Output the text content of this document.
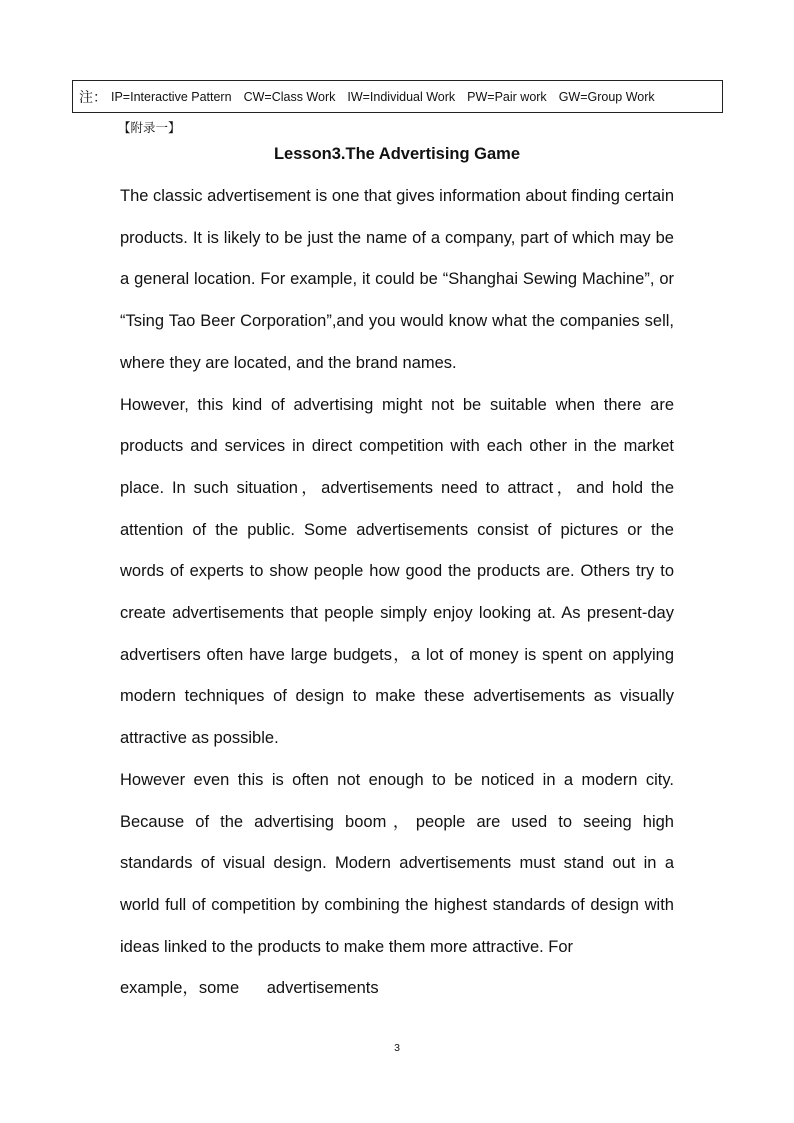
注： IP=Interactive Pattern CW=Class Work IW=Individual Work PW=Pair work GW=Group Work
【附录一】
Lesson3.The Advertising Game

The classic advertisement is one that gives information about finding certain products. It is likely to be just the name of a company, part of which may be a general location. For example, it could be “Shanghai Sewing Machine”, or “Tsing Tao Beer Corporation”,and you would know what the companies sell, where they are located, and the brand names.

However, this kind of advertising might not be suitable when there are products and services in direct competition with each other in the market place. In such situation，advertisements need to attract，and hold the attention of the public. Some advertisements consist of pictures or the words of experts to show people how good the products are. Others try to create advertisements that people simply enjoy looking at. As present-day advertisers often have large budgets，a lot of money is spent on applying modern techniques of design to make these advertisements as visually attractive as possible.

However even this is often not enough to be noticed in a modern city. Because of the advertising boom，people are used to seeing high standards of visual design. Modern advertisements must stand out in a world full of competition by combining the highest standards of design with ideas linked to the products to make them more attractive. For

example，some      advertisements

3
